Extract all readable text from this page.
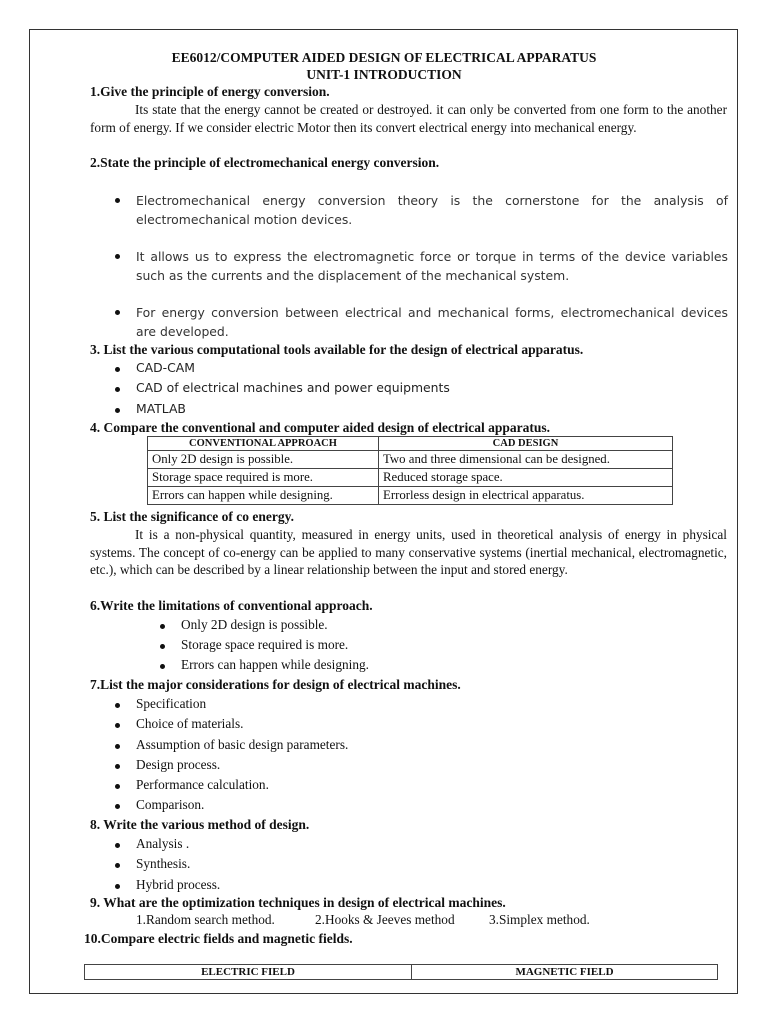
EE6012/COMPUTER AIDED DESIGN OF ELECTRICAL APPARATUS
UNIT-1 INTRODUCTION
1.Give the principle of energy conversion.
Its state that the energy cannot be created or destroyed. it can only be converted from one form to the another form of energy. If we consider electric Motor then its convert electrical energy into mechanical energy.
2.State the principle of electromechanical energy conversion.
Electromechanical energy conversion theory is the cornerstone for the analysis of electromechanical motion devices.
It allows us to express the electromagnetic force or torque in terms of the device variables such as the currents and the displacement of the mechanical system.
For energy conversion between electrical and mechanical forms, electromechanical devices are developed.
3. List the various computational tools available for the design of electrical apparatus.
CAD-CAM
CAD of electrical machines and power equipments
MATLAB
4. Compare the conventional and computer aided design of electrical apparatus.
CONVENTIONAL APPROACH	CAD DESIGN
Only 2D design is possible.	Two and three dimensional can be designed.
Storage space required is more.	Reduced storage space.
Errors can happen while designing.	Errorless design in electrical apparatus.
5. List the significance of co energy.
It is a non-physical quantity, measured in energy units, used in theoretical analysis of energy in physical systems. The concept of co-energy can be applied to many conservative systems (inertial mechanical, electromagnetic, etc.), which can be described by a linear relationship between the input and stored energy.
6.Write the limitations of conventional approach.
Only 2D design is possible.
Storage space required is more.
Errors can happen while designing.
7.List the major considerations for design of electrical machines.
Specification
Choice of materials.
Assumption of basic design parameters.
Design process.
Performance calculation.
Comparison.
8. Write the various method of design.
Analysis .
Synthesis.
Hybrid process.
9. What are the optimization techniques in design of electrical machines.
1.Random search method.	2.Hooks & Jeeves method	3.Simplex method.
10.Compare electric fields and magnetic fields.
ELECTRIC FIELD	MAGNETIC FIELD
